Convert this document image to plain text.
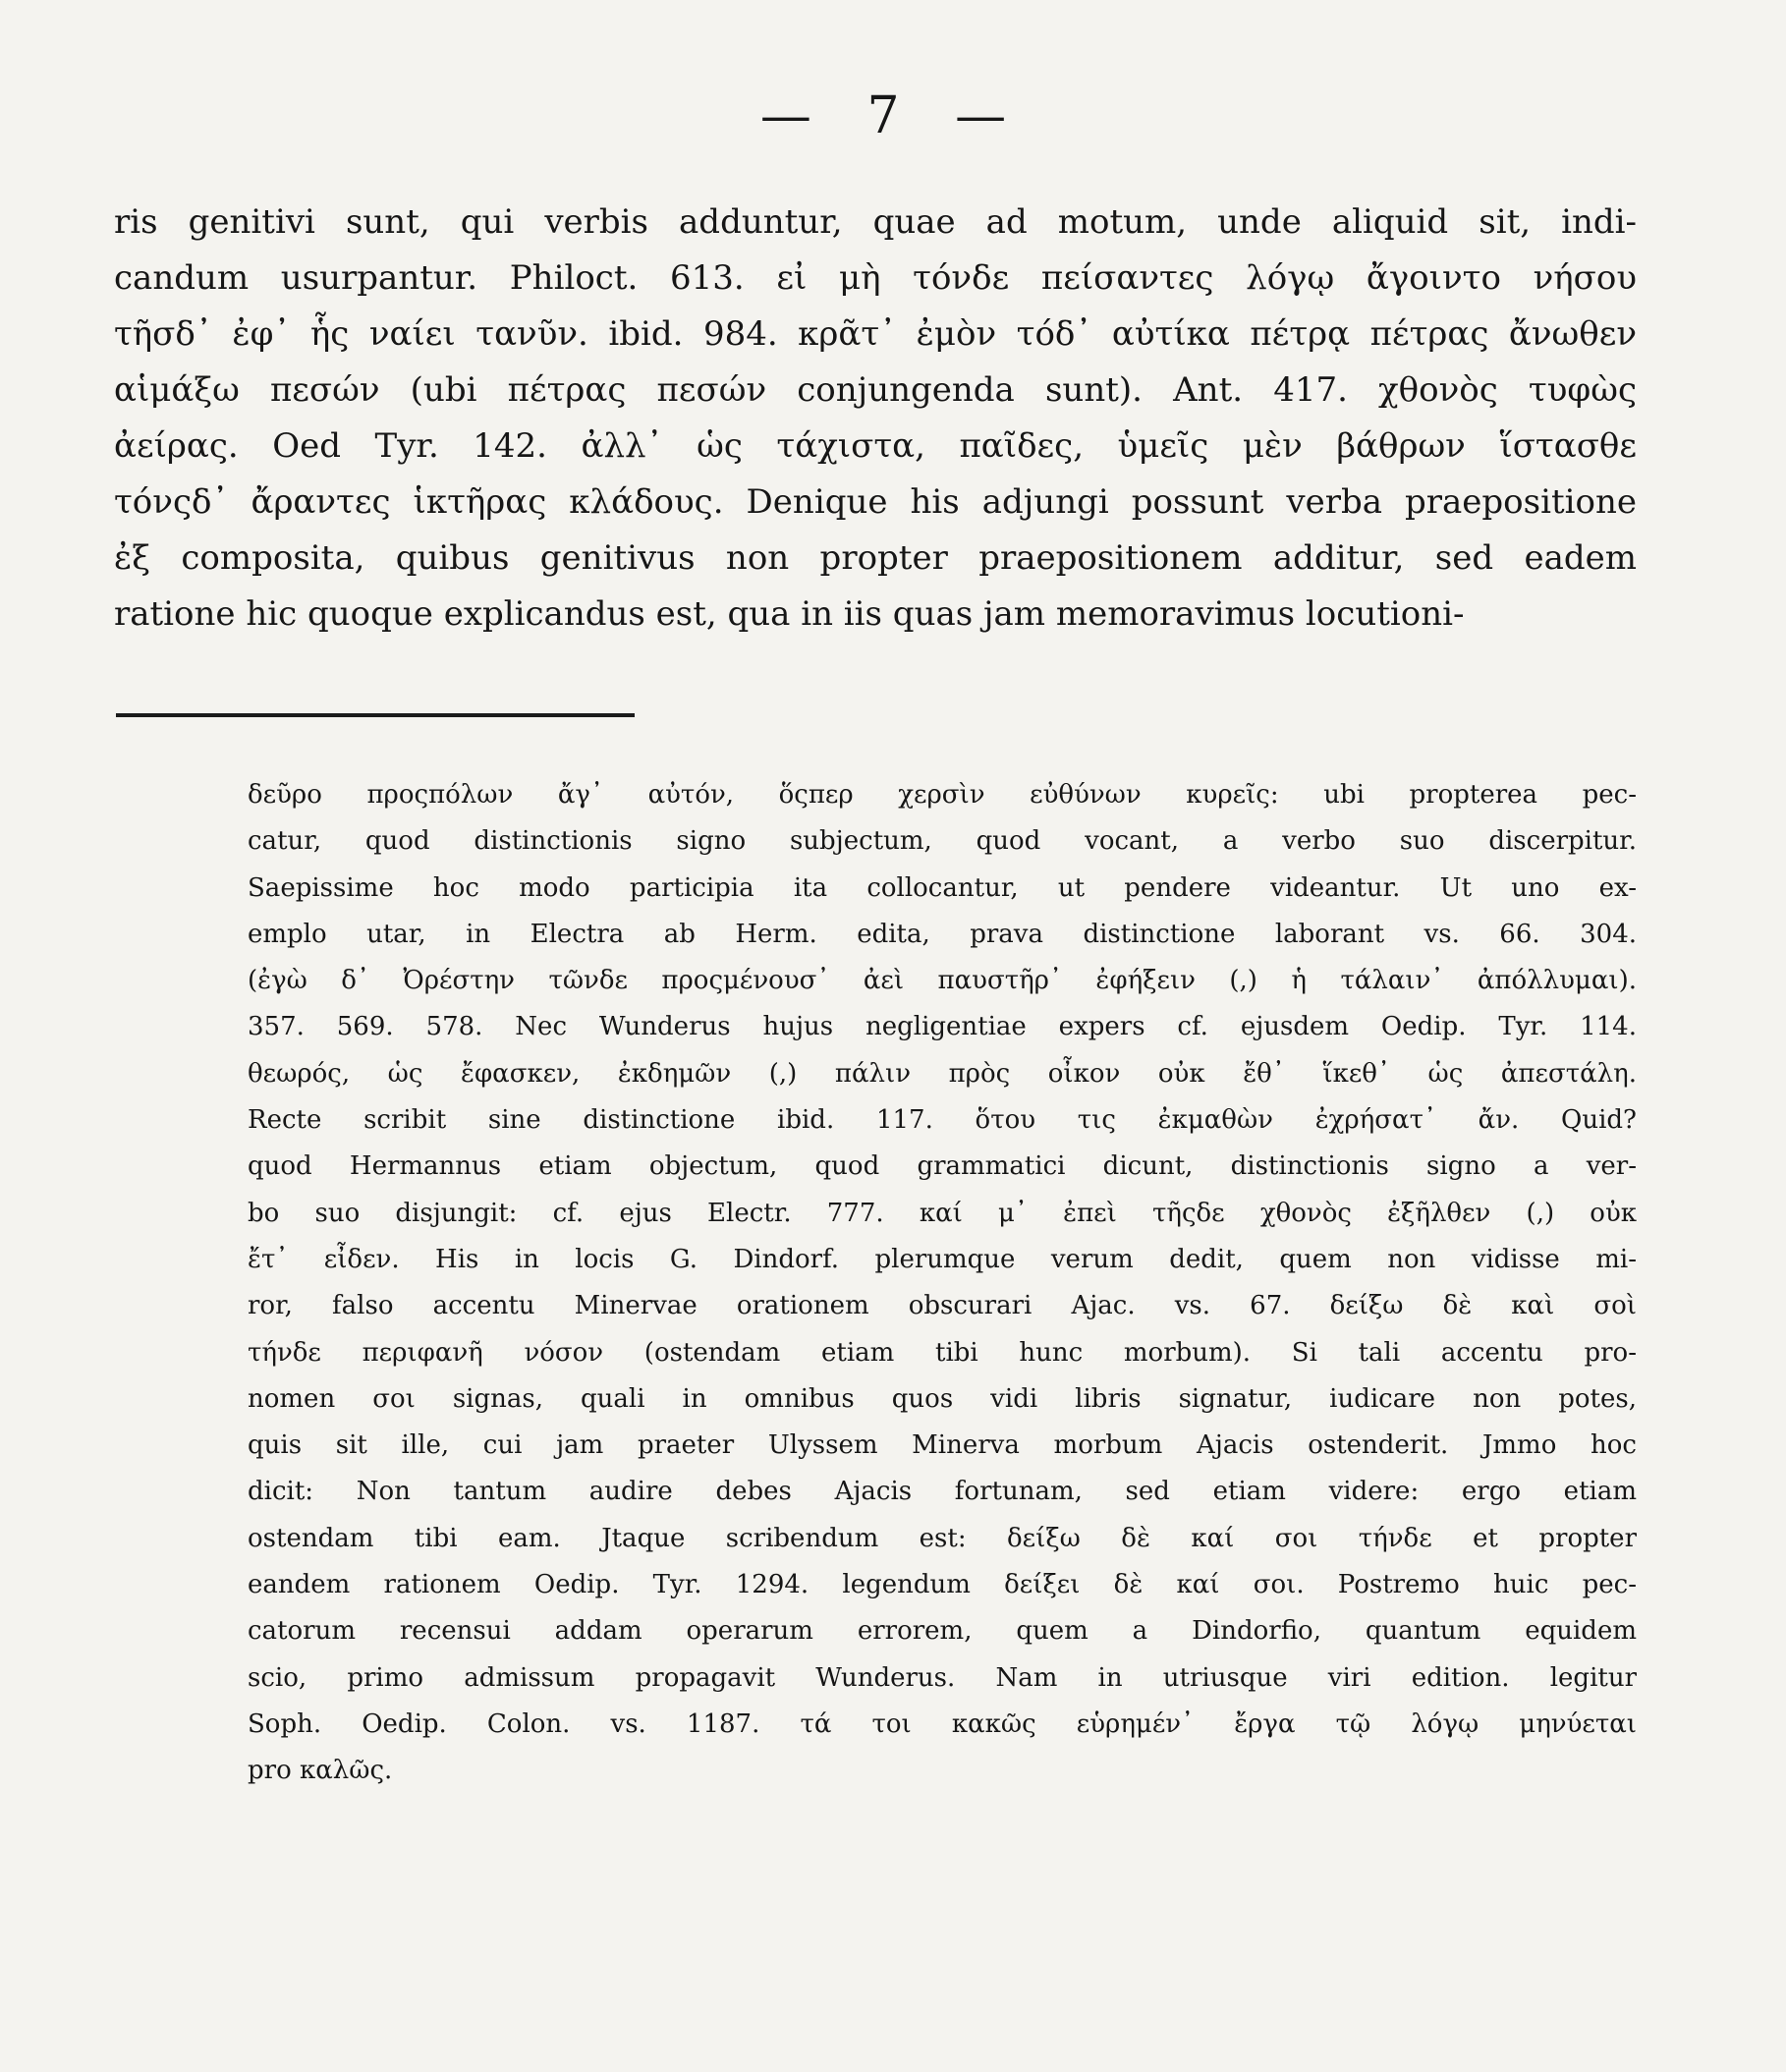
— 7 —
ris genitivi sunt, qui verbis adduntur, quae ad motum, unde aliquid sit, indi-
candum usurpantur. Philoct. 613. εἰ μὴ τόνδε πείσαντες λόγῳ ἄγοιντο νήσου
τῆσδ᾽ ἐφ᾽ ἧς ναίει τανῦν. ibid. 984. κρᾶτ᾽ ἐμὸν τόδ᾽ αὐτίκα πέτρᾳ πέτρας ἄνωθεν
αἱμάξω πεσών (ubi πέτρας πεσών conjungenda sunt). Ant. 417. χθονὸς τυφὼς
ἀείρας. Oed Tyr. 142. ἀλλ᾽ ὡς τάχιστα, παῖδες, ὑμεῖς μὲν βάθρων ἵστασθε
τόνςδ᾽ ἄραντες ἱκτῆρας κλάδους. Denique his adjungi possunt verba praepositione
ἐξ composita, quibus genitivus non propter praepositionem additur, sed eadem
ratione hic quoque explicandus est, qua in iis quas jam memoravimus locutioni-
δεῦρο προςπόλων ἄγ᾽ αὐτόν, ὅςπερ χερσὶν εὐθύνων κυρεῖς: ubi propterea pec-
catur, quod distinctionis signo subjectum, quod vocant, a verbo suo discerpitur.
Saepissime hoc modo participia ita collocantur, ut pendere videantur. Ut uno ex-
emplo utar, in Electra ab Herm. edita, prava distinctione laborant vs. 66. 304.
(ἐγὼ δ᾽ Ὀρέστην τῶνδε προςμένουσ᾽ ἀεὶ παυστῆρ᾽ ἐφήξειν (,) ἡ τάλαιν᾽ ἀπόλλυμαι).
357. 569. 578. Nec Wunderus hujus negligentiae expers cf. ejusdem Oedip. Tyr. 114.
θεωρός, ὡς ἔφασκεν, ἐκδημῶν (,) πάλιν πρὸς οἶκον οὐκ ἔθ᾽ ἵκεθ᾽ ὡς ἀπεστάλη.
Recte scribit sine distinctione ibid. 117. ὅτου τις ἐκμαθὼν ἐχρήσατ᾽ ἄν. Quid?
quod Hermannus etiam objectum, quod grammatici dicunt, distinctionis signo a ver-
bo suo disjungit: cf. ejus Electr. 777. καί μ᾽ ἐπεὶ τῆςδε χθονὸς ἐξῆλθεν (,) οὐκ
ἔτ᾽ εἶδεν. His in locis G. Dindorf. plerumque verum dedit, quem non vidisse mi-
ror, falso accentu Minervae orationem obscurari Ajac. vs. 67. δείξω δὲ καὶ σοὶ
τήνδε περιφανῆ νόσον (ostendam etiam tibi hunc morbum). Si tali accentu pro-
nomen σοι signas, quali in omnibus quos vidi libris signatur, iudicare non potes,
quis sit ille, cui jam praeter Ulyssem Minerva morbum Ajacis ostenderit. Jmmo hoc
dicit: Non tantum audire debes Ajacis fortunam, sed etiam videre: ergo etiam
ostendam tibi eam. Jtaque scribendum est: δείξω δὲ καί σοι τήνδε et propter
eandem rationem Oedip. Tyr. 1294. legendum δείξει δὲ καί σοι. Postremo huic pec-
catorum recensui addam operarum errorem, quem a Dindorfio, quantum equidem
scio, primo admissum propagavit Wunderus. Nam in utriusque viri edition. legitur
Soph. Oedip. Colon. vs. 1187. τά τοι κακῶς εὑρημέν᾽ ἔργα τῷ λόγῳ μηνύεται
pro καλῶς.
